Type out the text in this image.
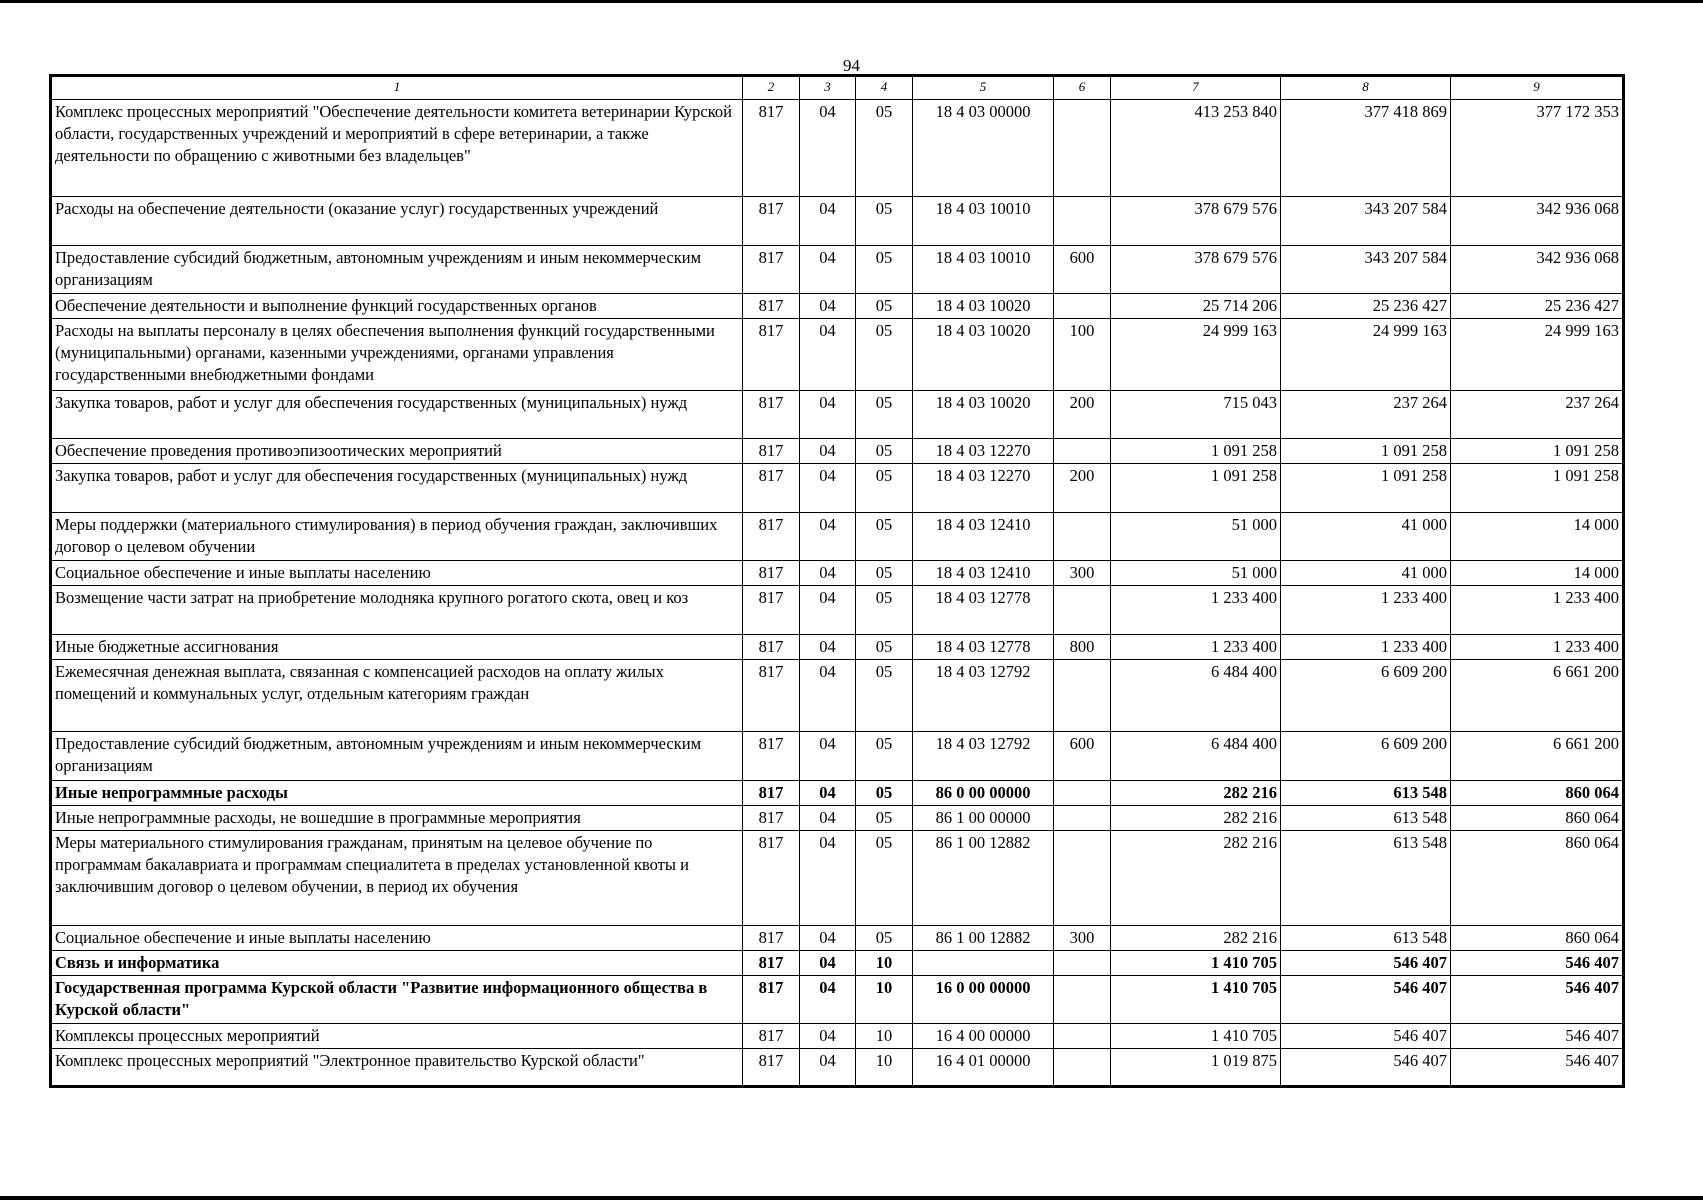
94
1	2	3	4	5	6	7	8	9
Комплекс процессных мероприятий "Обеспечение деятельности комитета ветеринарии Курской области, государственных учреждений и мероприятий в сфере ветеринарии, а также деятельности по обращению с животными без владельцев"	817	04	05	18 4 03 00000		413 253 840	377 418 869	377 172 353
Расходы на обеспечение деятельности (оказание услуг) государственных учреждений	817	04	05	18 4 03 10010		378 679 576	343 207 584	342 936 068
Предоставление субсидий бюджетным, автономным учреждениям и иным некоммерческим организациям	817	04	05	18 4 03 10010	600	378 679 576	343 207 584	342 936 068
Обеспечение деятельности и выполнение функций государственных органов	817	04	05	18 4 03 10020		25 714 206	25 236 427	25 236 427
Расходы на выплаты персоналу в целях обеспечения выполнения функций государственными (муниципальными) органами, казенными учреждениями, органами управления государственными внебюджетными фондами	817	04	05	18 4 03 10020	100	24 999 163	24 999 163	24 999 163
Закупка товаров, работ и услуг для обеспечения государственных (муниципальных) нужд	817	04	05	18 4 03 10020	200	715 043	237 264	237 264
Обеспечение проведения противоэпизоотических мероприятий	817	04	05	18 4 03 12270		1 091 258	1 091 258	1 091 258
Закупка товаров, работ и услуг для обеспечения государственных (муниципальных) нужд	817	04	05	18 4 03 12270	200	1 091 258	1 091 258	1 091 258
Меры поддержки (материального стимулирования) в период обучения граждан, заключивших договор о целевом обучении	817	04	05	18 4 03 12410		51 000	41 000	14 000
Социальное обеспечение и иные выплаты населению	817	04	05	18 4 03 12410	300	51 000	41 000	14 000
Возмещение части затрат на приобретение молодняка крупного рогатого скота, овец и коз	817	04	05	18 4 03 12778		1 233 400	1 233 400	1 233 400
Иные бюджетные ассигнования	817	04	05	18 4 03 12778	800	1 233 400	1 233 400	1 233 400
Ежемесячная денежная выплата, связанная с компенсацией расходов на оплату жилых помещений и коммунальных услуг, отдельным категориям граждан	817	04	05	18 4 03 12792		6 484 400	6 609 200	6 661 200
Предоставление субсидий бюджетным, автономным учреждениям и иным некоммерческим организациям	817	04	05	18 4 03 12792	600	6 484 400	6 609 200	6 661 200
Иные непрограммные расходы	817	04	05	86 0 00 00000		282 216	613 548	860 064
Иные непрограммные расходы, не вошедшие в программные мероприятия	817	04	05	86 1 00 00000		282 216	613 548	860 064
Меры материального стимулирования гражданам, принятым на целевое обучение по программам бакалавриата и программам специалитета в пределах установленной квоты и заключившим договор о целевом обучении, в период их обучения	817	04	05	86 1 00 12882		282 216	613 548	860 064
Социальное обеспечение и иные выплаты населению	817	04	05	86 1 00 12882	300	282 216	613 548	860 064
Связь и информатика	817	04	10			1 410 705	546 407	546 407
Государственная программа Курской области "Развитие информационного общества в Курской области"	817	04	10	16 0 00 00000		1 410 705	546 407	546 407
Комплексы процессных мероприятий	817	04	10	16 4 00 00000		1 410 705	546 407	546 407
Комплекс процессных мероприятий "Электронное правительство Курской области"	817	04	10	16 4 01 00000		1 019 875	546 407	546 407
